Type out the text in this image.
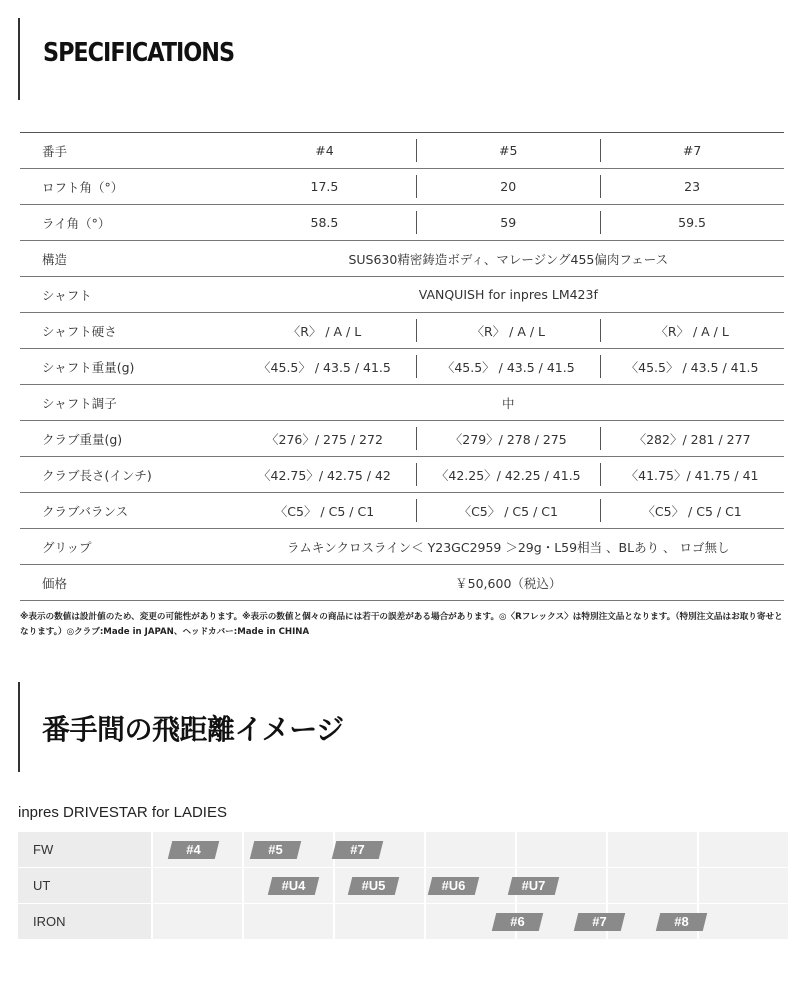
SPECIFICATIONS
番手	#4	#5	#7
ロフト角（°）	17.5	20	23
ライ角（°）	58.5	59	59.5
構造	SUS630精密鋳造ボディ、マレージング455偏肉フェース		
シャフト	VANQUISH for inpres LM423f		
シャフト硬さ	〈R〉 / A / L	〈R〉 / A / L	〈R〉 / A / L
シャフト重量(g)	〈45.5〉 / 43.5 / 41.5	〈45.5〉 / 43.5 / 41.5	〈45.5〉 / 43.5 / 41.5
シャフト調子	中		
クラブ重量(g)	〈276〉/ 275 / 272	〈279〉/ 278 / 275	〈282〉/ 281 / 277
クラブ長さ(インチ)	〈42.75〉/ 42.75 / 42	〈42.25〉/ 42.25 / 41.5	〈41.75〉/ 41.75 / 41
クラブバランス	〈C5〉 / C5 / C1	〈C5〉 / C5 / C1	〈C5〉 / C5 / C1
グリップ	ラムキンクロスライン＜ Y23GC2959 ＞29g・L59相当 、BLあり 、 ロゴ無し		
価格	￥50,600（税込）		
※表示の数値は設計値のため、変更の可能性があります。※表示の数値と個々の商品には若干の誤差がある場合があります。◎〈Rフレックス〉は特別注文品となります。（特別注文品はお取り寄せとなります。）◎クラブ:Made in JAPAN、ヘッドカバー:Made in CHINA
番手間の飛距離イメージ
inpres DRIVESTAR for LADIES
FW	#4	#5	#7
UT	#U4	#U5	#U6	#U7
IRON	#6	#7	#8
